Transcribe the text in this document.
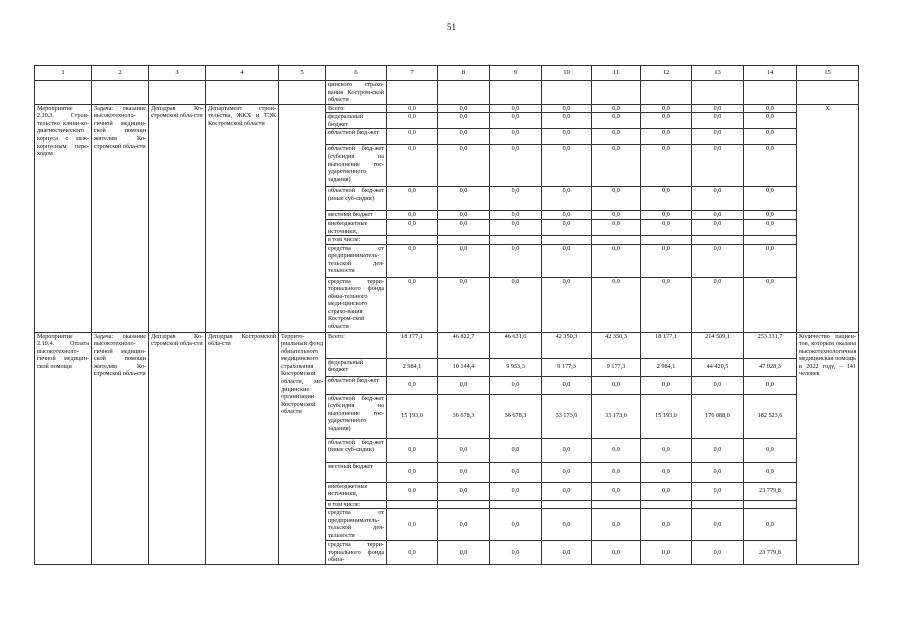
51
1	2	3	4	5	6	7	8	9	10	11	12	13	14	15
					цинского страхо-вания Костром-ской области									
Мероприятие 2.10.3. Строи-тельство клини-ко-диагностического корпуса с меж-корпусным пере-ходом	Задача: оказание высокотехноло-гичной медицин-ской помощи жителям Ко-стромской обла-сти	Депздрав Ко-стромской обла-сти	Департамент строи-тельства, ЖКХ и ТЭК Костромской области		Всего:	0,0	0,0	0,0	0,0	0,0	0,0	0,0	0,0	X
					федеральный бюджет	0,0	0,0	0,0	0,0	0,0	0,0	0,0	0,0	
					областной бюд-жет	0,0	0,0	0,0	0,0	0,0	0,0	0,0	0,0	
					областной бюд-жет (субсидия на выполнение гос-ударственного задания)	0,0	0,0	0,0	0,0	0,0	0,0	0,0	0,0	
					областной бюд-жет (иные суб-сидии)	0,0	0,0	0,0	0,0	0,0	0,0	0,0	0,0	
					местный бюджет	0,0	0,0	0,0	0,0	0,0	0,0	0,0	0,0	
					внебюджетные источники,	0,0	0,0	0,0	0,0	0,0	0,0	0,0	0,0	
					в том числе:									
					средства от предприяниматель-тельской дея-тельности	0,0	0,0	0,0	0,0	0,0	0,0	0,0	0,0	
					средства терри-ториального фонда обяза-тельного меди-цинского страхо-вания Костром-ской области	0,0	0,0	0,0	0,0	0,0	0,0	0,0	0,0	
Мероприятие 2.10.4. Оплата высокотехноло-гичной медицин-ской помощи	Задача: оказание высокотехноло-гичной медицин-ской помощи жителям Ко-стромской обла-сти	Депздрав Ко-стромской обла-сти	Депздрав Костромской обла-сти	Террито-риальный фонд обязательного медицинского страхования Костромской области, ме-дицинские организации Костромской области	Всего:	18 177,1	46 822,7	46 631,6	42 350,3	42 350,3	18 177,1	214 509,1	253 331,7	Количество пациен-тов, которым оказана высокотехнологичная медицинская помощь в 2022 году, – 141 человек
					федеральный бюджет	2 984,1	10 144,4	9 953,3	9 177,3	9 177,3	2 984,1	44 420,5	47 028,3	
					областной бюд-жет	0,0	0,0	0,0	0,0	0,0	0,0	0,0	0,0	
					областной бюд-жет (субсидия на выполнение гос-ударственного задания)	15 193,0	36 678,3	36 678,3	33 173,0	33 173,0	15 193,0	170 088,6	182 523,6	
					областной бюд-жет (иные суб-сидии)	0,0	0,0	0,0	0,0	0,0	0,0	0,0	0,0	
					местный бюджет	0,0	0,0	0,0	0,0	0,0	0,0	0,0	0,0	
					внебюджетные источники,	0,0	0,0	0,0	0,0	0,0	0,0	0,0	23 779,8	
					в том числе:									
					средства от предприяниматель-тельской дея-тельности	0,0	0,0	0,0	0,0	0,0	0,0	0,0	0,0	
					средства терри-ториального фонда обяза-	0,0	0,0	0,0	0,0	0,0	0,0	0,0	23 779,8	
